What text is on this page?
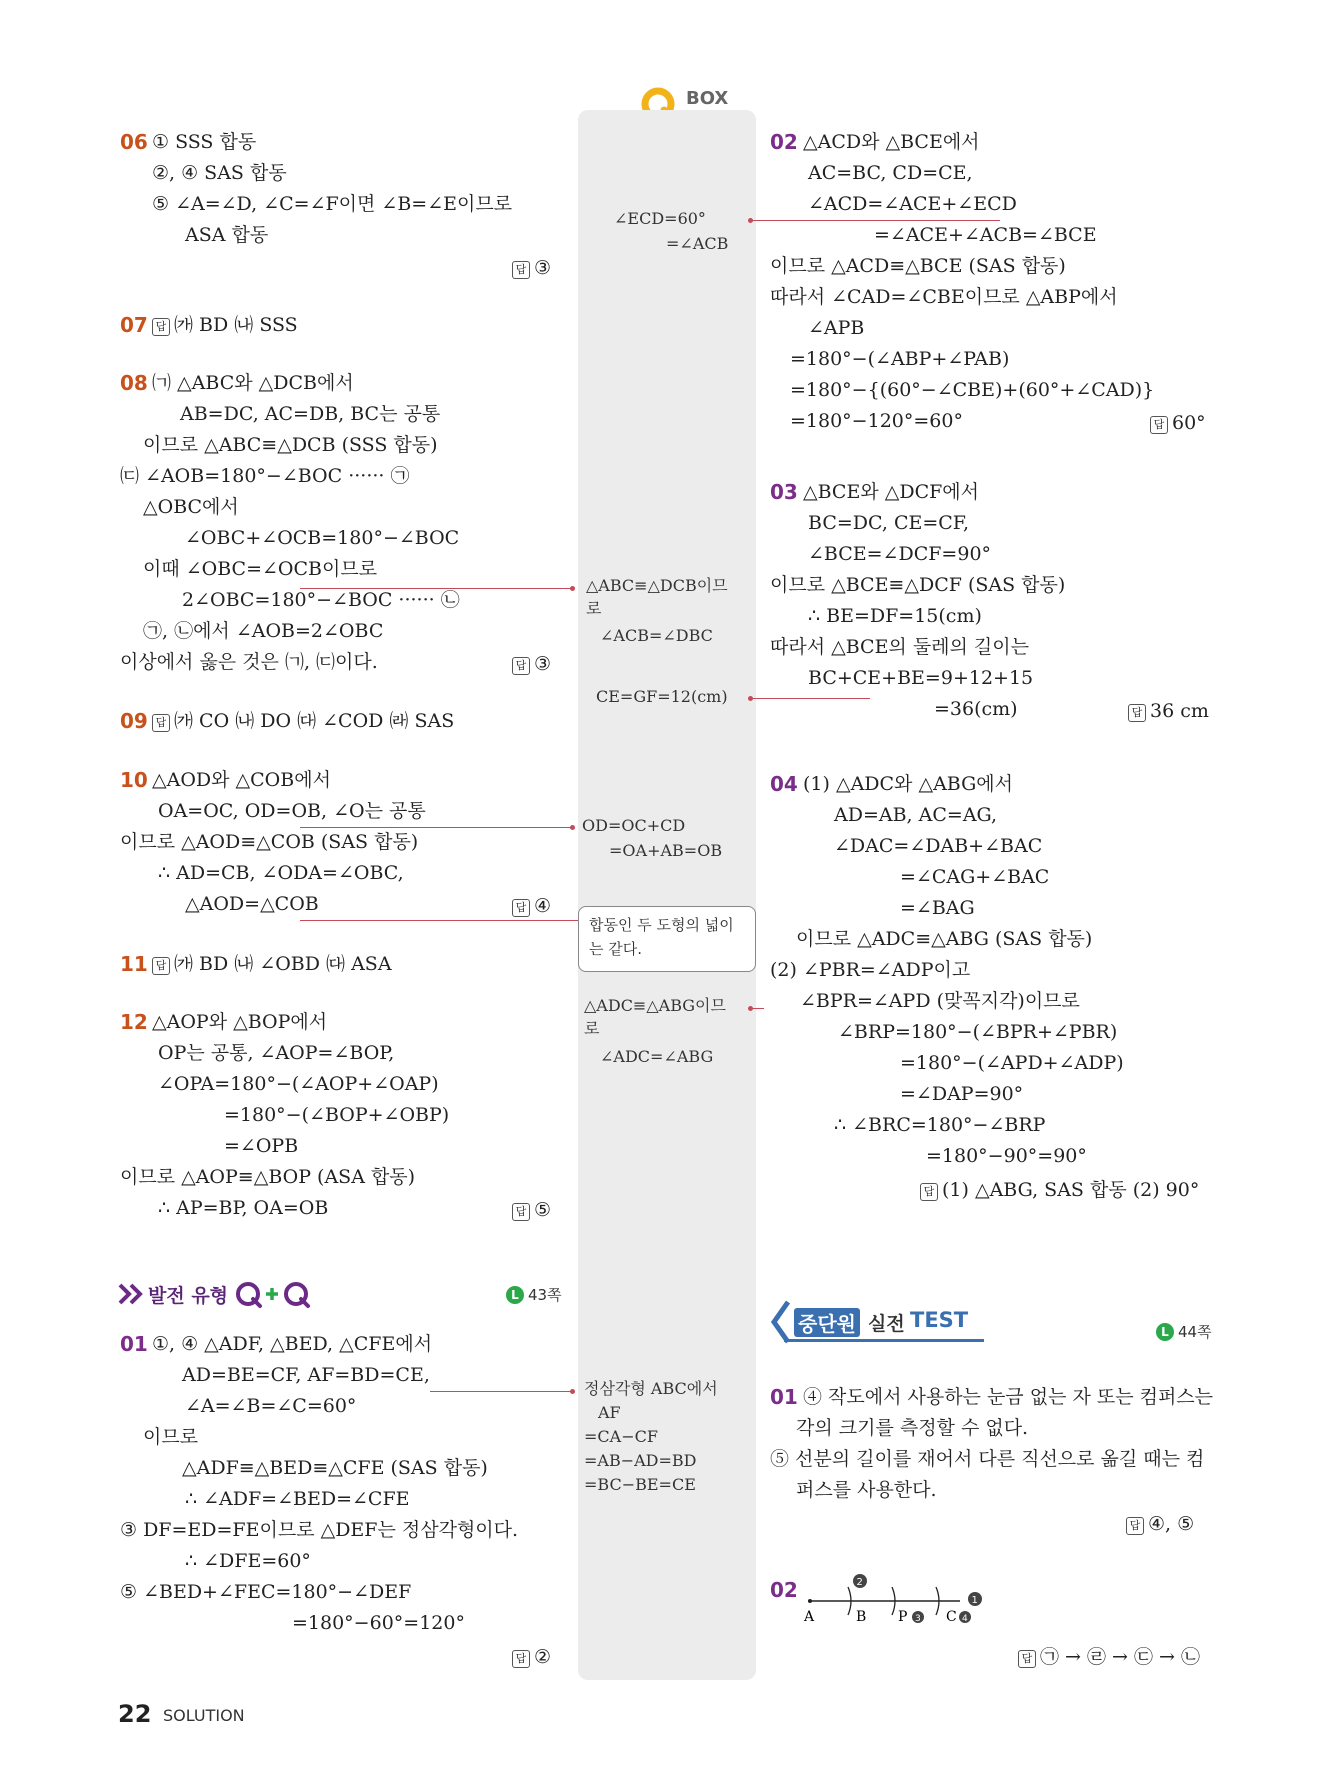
BOX
06 ① SSS 합동
②, ④ SAS 합동
⑤ ∠A=∠D, ∠C=∠F이면 ∠B=∠E이므로
ASA 합동
답 ③
07 답 ㈎ BD ㈏ SSS
08 ㈀ △ABC와 △DCB에서
AB=DC, AC=DB, BC는 공통
이므로 △ABC≡△DCB (SSS 합동)
㈂ ∠AOB=180°−∠BOC ······ ㉠
△OBC에서
∠OBC+∠OCB=180°−∠BOC
이때 ∠OBC=∠OCB이므로
2∠OBC=180°−∠BOC ······ ㉡
㉠, ㉡에서 ∠AOB=2∠OBC
이상에서 옳은 것은 ㈀, ㈂이다.	답 ③
09 답 ㈎ CO ㈏ DO ㈐ ∠COD ㈑ SAS
10 △AOD와 △COB에서
OA=OC, OD=OB, ∠O는 공통
이므로 △AOD≡△COB (SAS 합동)
∴ AD=CB, ∠ODA=∠OBC,
△AOD=△COB	답 ④
11 답 ㈎ BD ㈏ ∠OBD ㈐ ASA
12 △AOP와 △BOP에서
OP는 공통, ∠AOP=∠BOP,
∠OPA=180°−(∠AOP+∠OAP)
=180°−(∠BOP+∠OBP)
=∠OPB
이므로 △AOP≡△BOP (ASA 합동)
∴ AP=BP, OA=OB	답 ⑤
발전 유형	L 43쪽
01 ①, ④ △ADF, △BED, △CFE에서
AD=BE=CF, AF=BD=CE,
∠A=∠B=∠C=60°
이므로
△ADF≡△BED≡△CFE (SAS 합동)
∴ ∠ADF=∠BED=∠CFE
③ DF=ED=FE이므로 △DEF는 정삼각형이다.
∴ ∠DFE=60°
⑤ ∠BED+∠FEC=180°−∠DEF
=180°−60°=120°
답 ②
∠ECD=60°
=∠ACB
△ABC≡△DCB이므
로
∠ACB=∠DBC
CE=GF=12(cm)
OD=OC+CD
=OA+AB=OB
합동인 두 도형의 넓이
는 같다.
△ADC≡△ABG이므
로
∠ADC=∠ABG
정삼각형 ABC에서
AF
=CA−CF
=AB−AD=BD
=BC−BE=CE
02 △ACD와 △BCE에서
AC=BC, CD=CE,
∠ACD=∠ACE+∠ECD
=∠ACE+∠ACB=∠BCE
이므로 △ACD≡△BCE (SAS 합동)
따라서 ∠CAD=∠CBE이므로 △ABP에서
∠APB
=180°−(∠ABP+∠PAB)
=180°−{(60°−∠CBE)+(60°+∠CAD)}
=180°−120°=60°	답 60°
03 △BCE와 △DCF에서
BC=DC, CE=CF,
∠BCE=∠DCF=90°
이므로 △BCE≡△DCF (SAS 합동)
∴ BE=DF=15(cm)
따라서 △BCE의 둘레의 길이는
BC+CE+BE=9+12+15
=36(cm)	답 36 cm
04 (1) △ADC와 △ABG에서
AD=AB, AC=AG,
∠DAC=∠DAB+∠BAC
=∠CAG+∠BAC
=∠BAG
이므로 △ADC≡△ABG (SAS 합동)
(2) ∠PBR=∠ADP이고
∠BPR=∠APD (맞꼭지각)이므로
∠BRP=180°−(∠BPR+∠PBR)
=180°−(∠APD+∠ADP)
=∠DAP=90°
∴ ∠BRC=180°−∠BRP
=180°−90°=90°
답 (1) △ABG, SAS 합동 (2) 90°
중단원 실전 TEST	L 44쪽
01 ④ 작도에서 사용하는 눈금 없는 자 또는 컴퍼스는
각의 크기를 측정할 수 없다.
⑤ 선분의 길이를 재어서 다른 직선으로 옮길 때는 컴
퍼스를 사용한다.
답 ④, ⑤
02
A	B P	C
2
1
3	4
답 ㉠ → ㉣ → ㉢ → ㉡
22 SOLUTION
